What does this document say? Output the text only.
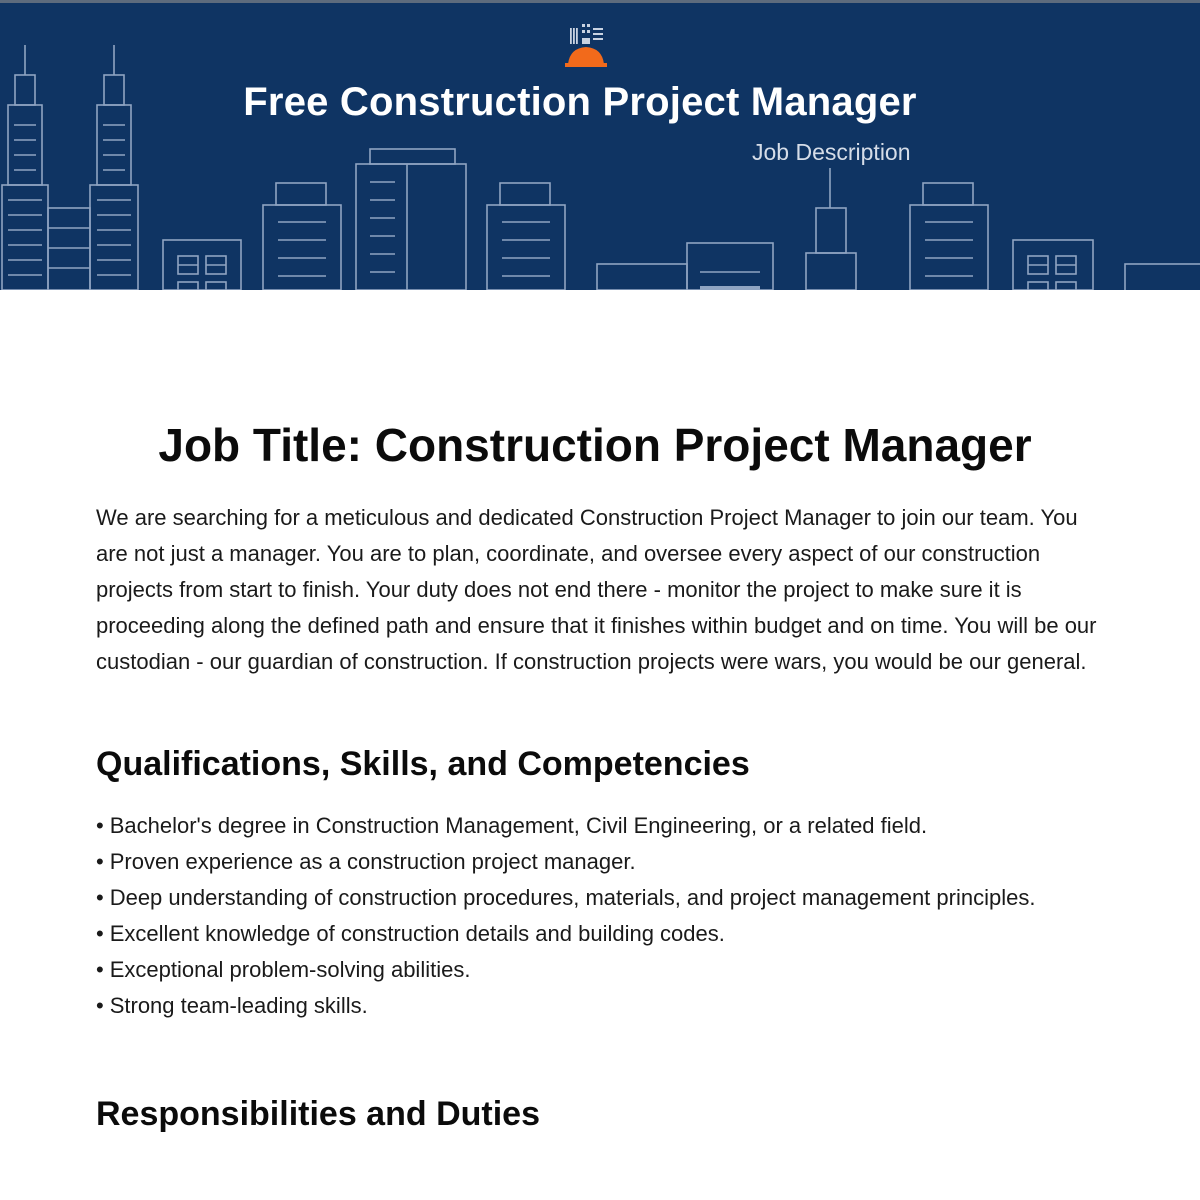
Free Construction Project Manager
Job Description
Job Title: Construction Project Manager

We are searching for a meticulous and dedicated Construction Project Manager to join our team. You are not just a manager. You are to plan, coordinate, and oversee every aspect of our construction projects from start to finish. Your duty does not end there - monitor the project to make sure it is proceeding along the defined path and ensure that it finishes within budget and on time. You will be our custodian - our guardian of construction. If construction projects were wars, you would be our general.

Qualifications, Skills, and Competencies
• Bachelor's degree in Construction Management, Civil Engineering, or a related field.
• Proven experience as a construction project manager.
• Deep understanding of construction procedures, materials, and project management principles.
• Excellent knowledge of construction details and building codes.
• Exceptional problem-solving abilities.
• Strong team-leading skills.
Responsibilities and Duties
